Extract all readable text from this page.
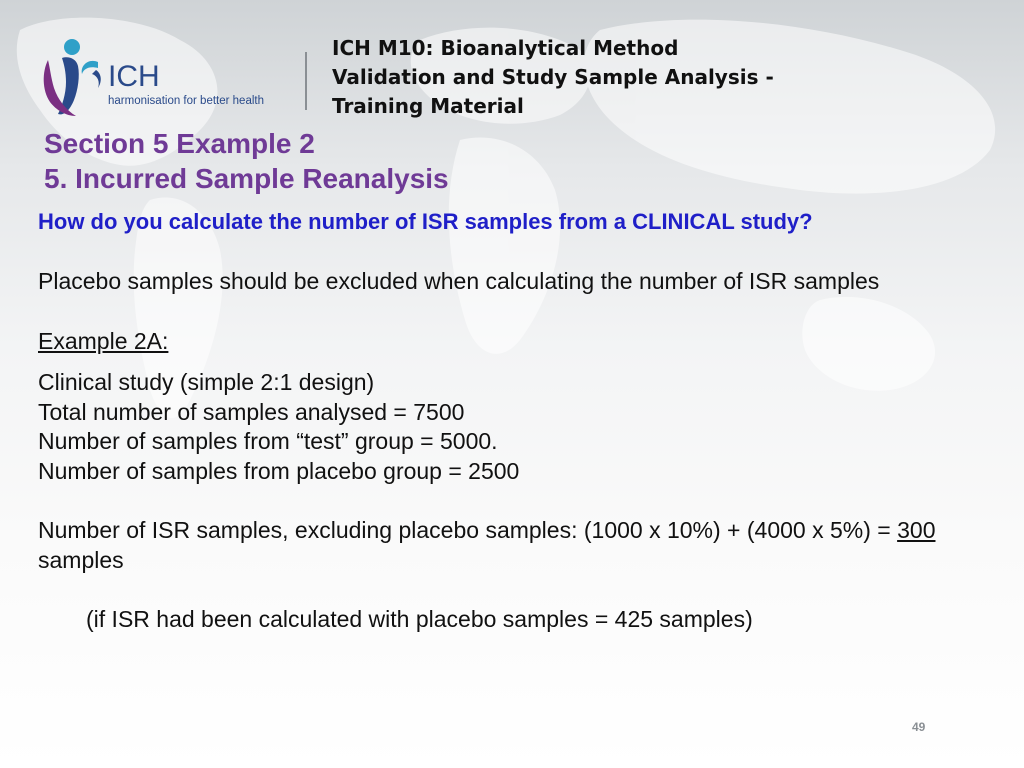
ICH
harmonisation for better health
ICH M10: Bioanalytical Method
Validation and Study Sample Analysis -
Training Material
Section 5 Example 2
5. Incurred Sample Reanalysis
How do you calculate the number of ISR samples from a CLINICAL study?
Placebo samples should be excluded when calculating the number of ISR samples
Example 2A:
Clinical study (simple 2:1 design)
Total number of samples analysed = 7500
Number of samples from “test” group = 5000.
Number of samples from placebo group = 2500
Number of ISR samples, excluding placebo samples: (1000 x 10%) + (4000 x 5%) = 300 samples
(if ISR had been calculated with placebo samples = 425 samples)
49
